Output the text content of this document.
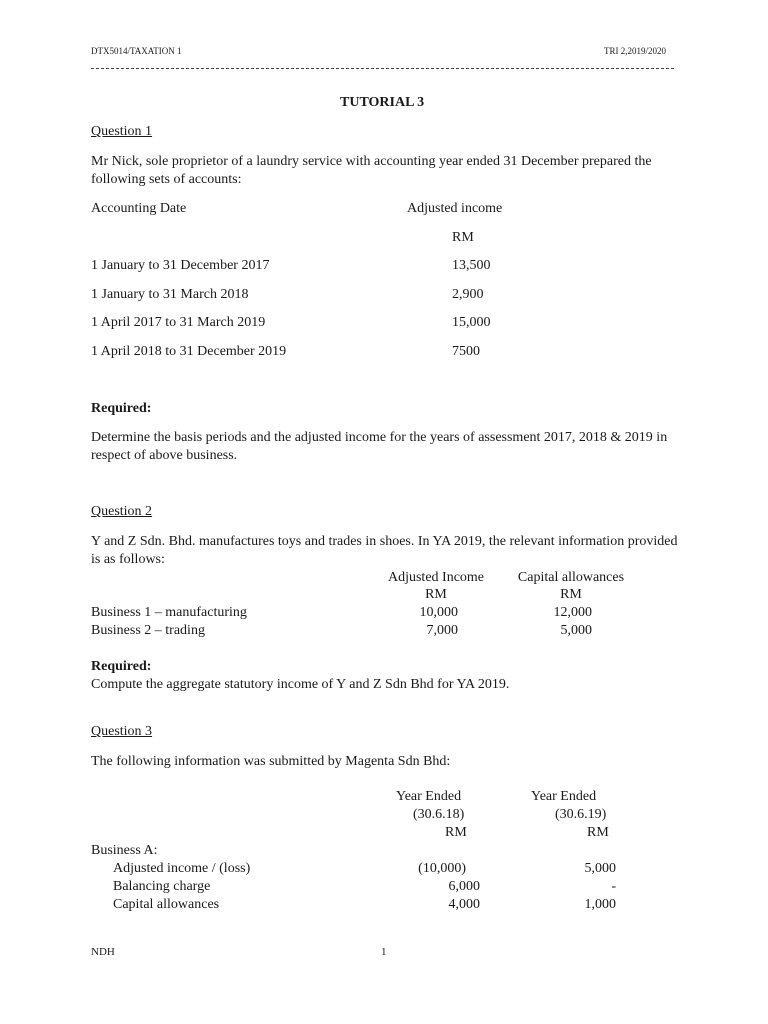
DTX5014/TAXATION 1	TRI 2,2019/2020
TUTORIAL 3
Question 1
Mr Nick, sole proprietor of a laundry service with accounting year ended 31 December prepared the following sets of accounts:
Accounting Date	Adjusted income
RM
1 January to 31 December 2017	13,500
1 January to 31 March 2018	2,900
1 April 2017 to 31 March 2019	15,000
1 April 2018 to 31 December 2019	7500
Required:
Determine the basis periods and the adjusted income for the years of assessment 2017, 2018 & 2019 in respect of above business.
Question 2
Y and Z Sdn. Bhd. manufactures toys and trades in shoes. In YA 2019, the relevant information provided is as follows:
Adjusted Income	Capital allowances
RM	RM
Business 1 – manufacturing	10,000	12,000
Business 2 – trading	7,000	5,000
Required:
Compute the aggregate statutory income of Y and Z Sdn Bhd for YA 2019.
Question 3
The following information was submitted by Magenta Sdn Bhd:
Year Ended	Year Ended
(30.6.18)	(30.6.19)
RM	RM
Business A:
Adjusted income / (loss)	(10,000)	5,000
Balancing charge	6,000	-
Capital allowances	4,000	1,000
NDH	1
